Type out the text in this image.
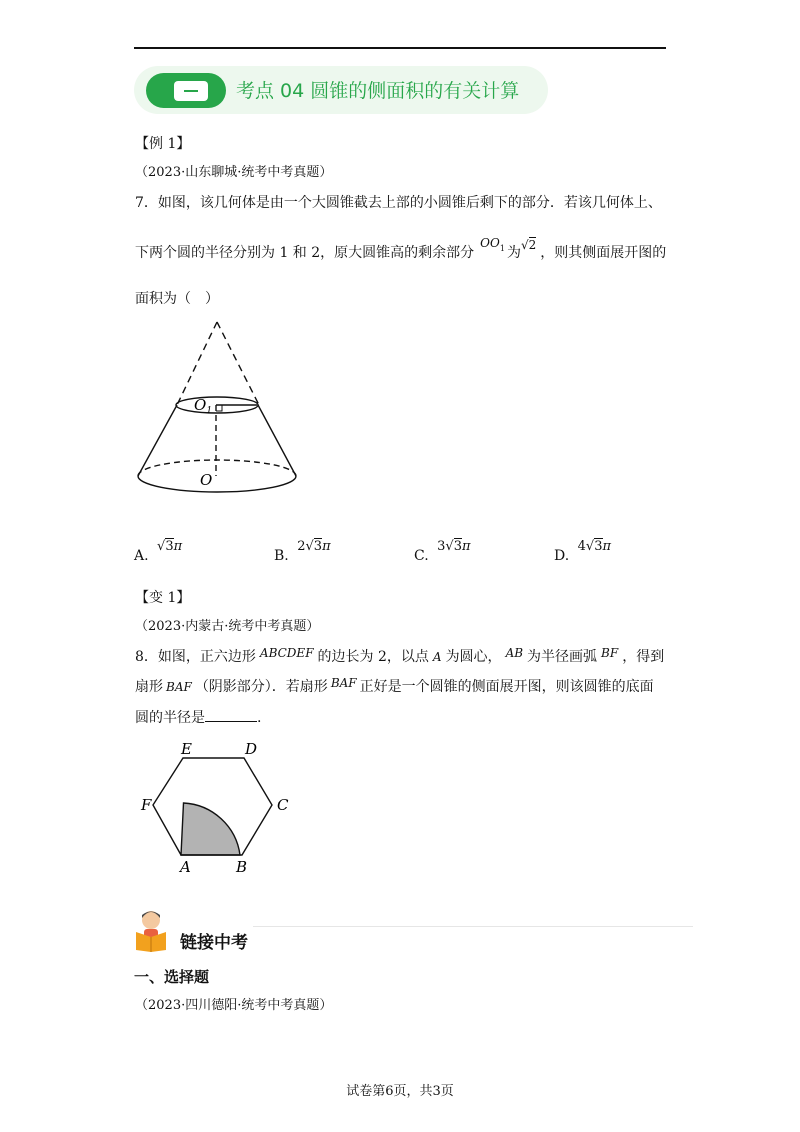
考点 04 圆锥的侧面积的有关计算
【例 1】
（2023·山东聊城·统考中考真题）
7．如图，该几何体是由一个大圆锥截去上部的小圆锥后剩下的部分．若该几何体上、
下两个圆的半径分别为 1 和 2，原大圆锥高的剩余部分$OO_1$ 为√2 ，则其侧面展开图的
面积为（　）
$O_1$
O
A. √3π
B. 2√3π
C. 3√3π
D. 4√3π
【变 1】
（2023·内蒙古·统考中考真题）
8．如图，正六边形 ABCDEF 的边长为 2，以点 A 为圆心， AB 为半径画弧 BF ，得到
扇形 BAF （阴影部分）．若扇形 BAF 正好是一个圆锥的侧面展开图，则该圆锥的底面
圆的半径是	.
E	D
C
F
A	B
链接中考
一、选择题
（2023·四川德阳·统考中考真题）
试卷第6页，共3页
